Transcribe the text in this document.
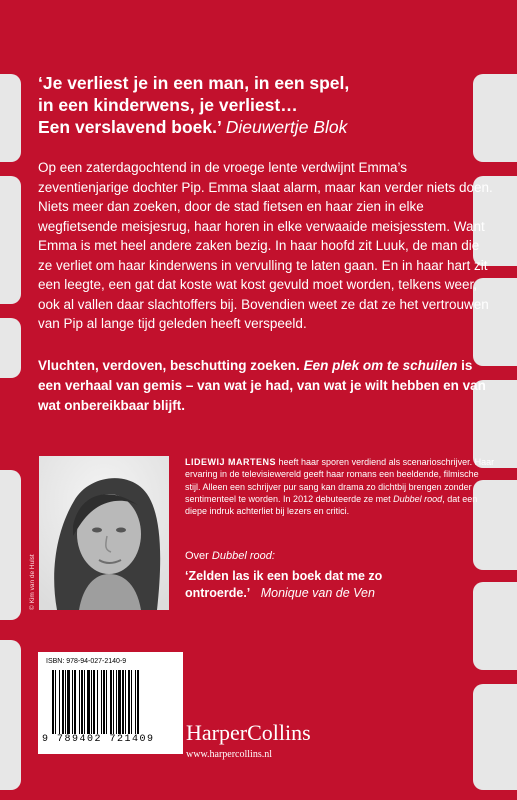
‘Je verliest je in een man, in een spel,
in een kinderwens, je verliest…
Een verslavend boek.’ Dieuwertje Blok
Op een zaterdagochtend in de vroege lente verdwijnt Emma’s zeventienjarige dochter Pip. Emma slaat alarm, maar kan verder niets doen. Niets meer dan zoeken, door de stad fietsen en haar zien in elke wegfietsende meisjesrug, haar horen in elke verwaaide meisjesstem. Want Emma is met heel andere zaken bezig. In haar hoofd zit Luuk, de man die ze verliet om haar kinderwens in vervulling te laten gaan. En in haar hart zit een leegte, een gat dat koste wat kost gevuld moet worden, telkens weer, ook al vallen daar slachtoffers bij. Bovendien weet ze dat ze het vertrouwen van Pip al lange tijd geleden heeft verspeeld.
Vluchten, verdoven, beschutting zoeken. Een plek om te schuilen is een verhaal van gemis – van wat je had, van wat je wilt hebben en van wat onbereikbaar blijft.
© Kim van de Hulst
LIDEWIJ MARTENS heeft haar sporen verdiend als scenarioschrijver. Haar ervaring in de televisiewereld geeft haar romans een beeldende, filmische stijl. Alleen een schrijver pur sang kan drama zo dichtbij brengen zonder sentimenteel te worden. In 2012 debuteerde ze met Dubbel rood, dat een diepe indruk achterliet bij lezers en critici.
Over Dubbel rood:
‘Zelden las ik een boek dat me zo
ontroerde.’ Monique van de Ven
ISBN: 978-94-027-2140-9
9 789402 721409 HarperCollins
www.harpercollins.nl
